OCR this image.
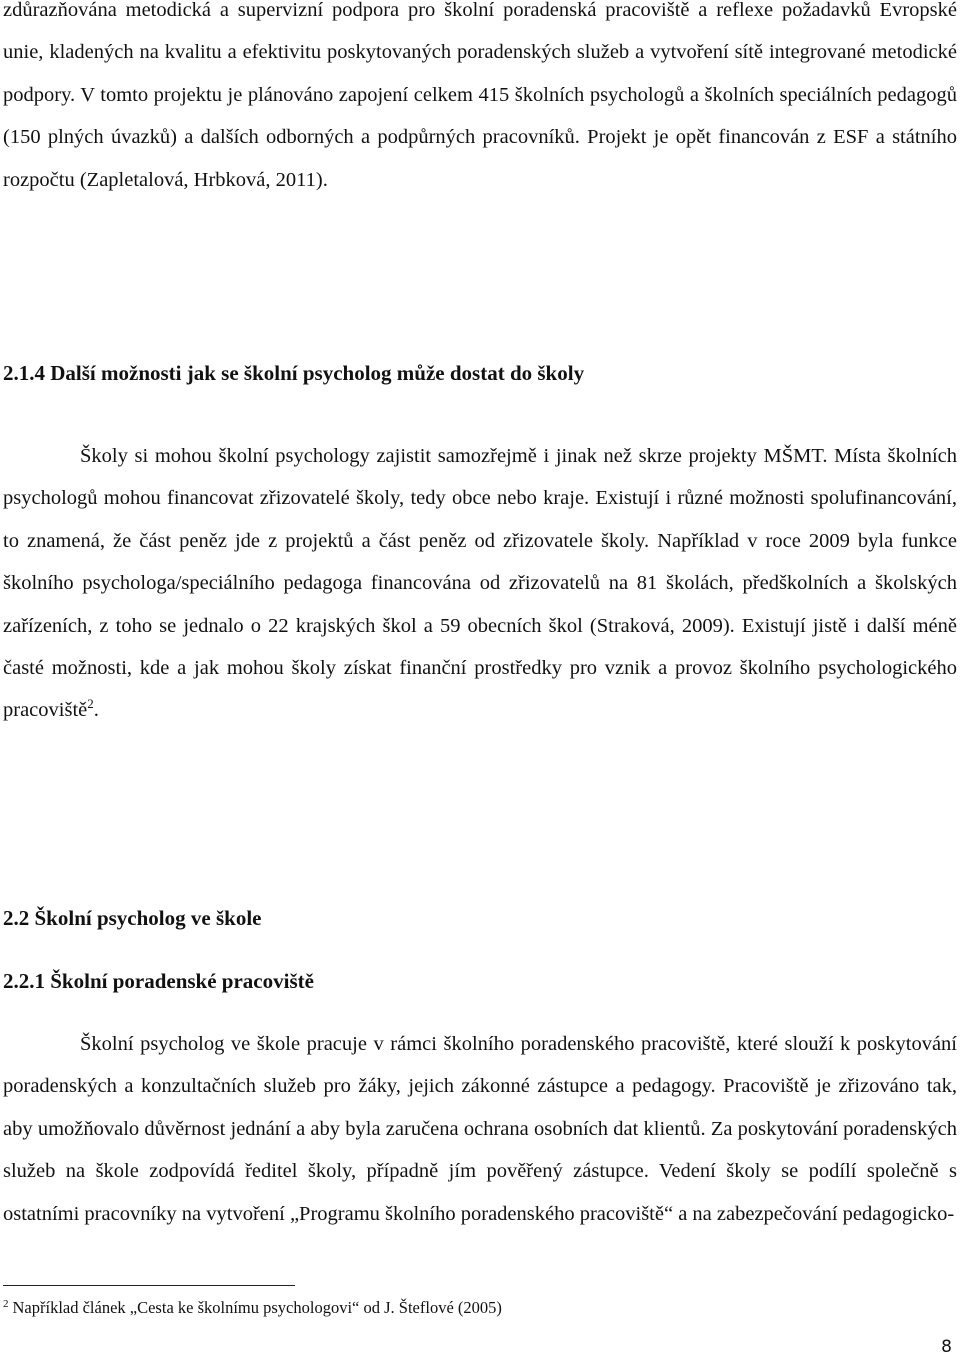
zdůrazňována metodická a supervizní podpora pro školní poradenská pracoviště a reflexe požadavků Evropské unie, kladených na kvalitu a efektivitu poskytovaných poradenských služeb a vytvoření sítě integrované metodické podpory. V tomto projektu je plánováno zapojení celkem 415 školních psychologů a školních speciálních pedagogů (150 plných úvazků) a dalších odborných a podpůrných pracovníků. Projekt je opět financován z ESF a státního rozpočtu (Zapletalová, Hrbková, 2011).

2.1.4 Další možnosti jak se školní psycholog může dostat do školy

Školy si mohou školní psychology zajistit samozřejmě i jinak než skrze projekty MŠMT. Místa školních psychologů mohou financovat zřizovatelé školy, tedy obce nebo kraje. Existují i různé možnosti spolufinancování, to znamená, že část peněz jde z projektů a část peněz od zřizovatele školy. Například v roce 2009 byla funkce školního psychologa/speciálního pedagoga financována od zřizovatelů na 81 školách, předškolních a školských zařízeních, z toho se jednalo o 22 krajských škol a 59 obecních škol (Straková, 2009). Existují jistě i další méně časté možnosti, kde a jak mohou školy získat finanční prostředky pro vznik a provoz školního psychologického pracoviště$^2$.

2.2 Školní psycholog ve škole
2.2.1 Školní poradenské pracoviště

Školní psycholog ve škole pracuje v rámci školního poradenského pracoviště, které slouží k poskytování poradenských a konzultačních služeb pro žáky, jejich zákonné zástupce a pedagogy. Pracoviště je zřizováno tak, aby umožňovalo důvěrnost jednání a aby byla zaručena ochrana osobních dat klientů. Za poskytování poradenských služeb na škole zodpovídá ředitel školy, případně jím pověřený zástupce. Vedení školy se podílí společně s ostatními pracovníky na vytvoření „Programu školního poradenského pracoviště“ a na zabezpečování pedagogicko-

$^2$ Například článek „Cesta ke školnímu psychologovi“ od J. Šteflové (2005)

8
